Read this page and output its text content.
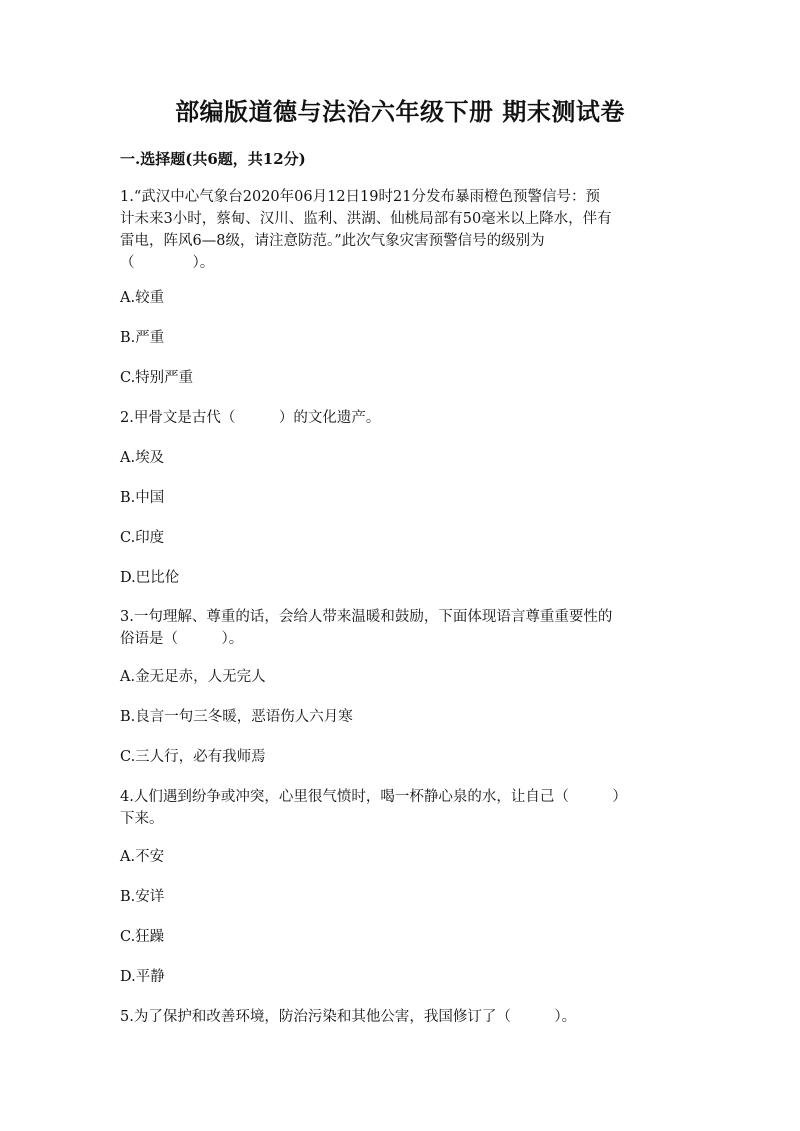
部编版道德与法治六年级下册 期末测试卷
一.选择题(共6题，共12分)
1.“武汉中心气象台2020年06月12日19时21分发布暴雨橙色预警信号：预
计未来3小时，蔡甸、汉川、监利、洪湖、仙桃局部有50毫米以上降水，伴有
雷电，阵风6—8级，请注意防范。”此次气象灾害预警信号的级别为
（　　　　）。
A.较重
B.严重
C.特别严重
2.甲骨文是古代（　　　）的文化遗产。
A.埃及
B.中国
C.印度
D.巴比伦
3.一句理解、尊重的话，会给人带来温暖和鼓励，下面体现语言尊重重要性的
俗语是（　　　）。
A.金无足赤，人无完人
B.良言一句三冬暖，恶语伤人六月寒
C.三人行，必有我师焉
4.人们遇到纷争或冲突，心里很气愤时，喝一杯静心泉的水，让自己（　　　）
下来。
A.不安
B.安详
C.狂躁
D.平静
5.为了保护和改善环境，防治污染和其他公害，我国修订了（　　　）。
